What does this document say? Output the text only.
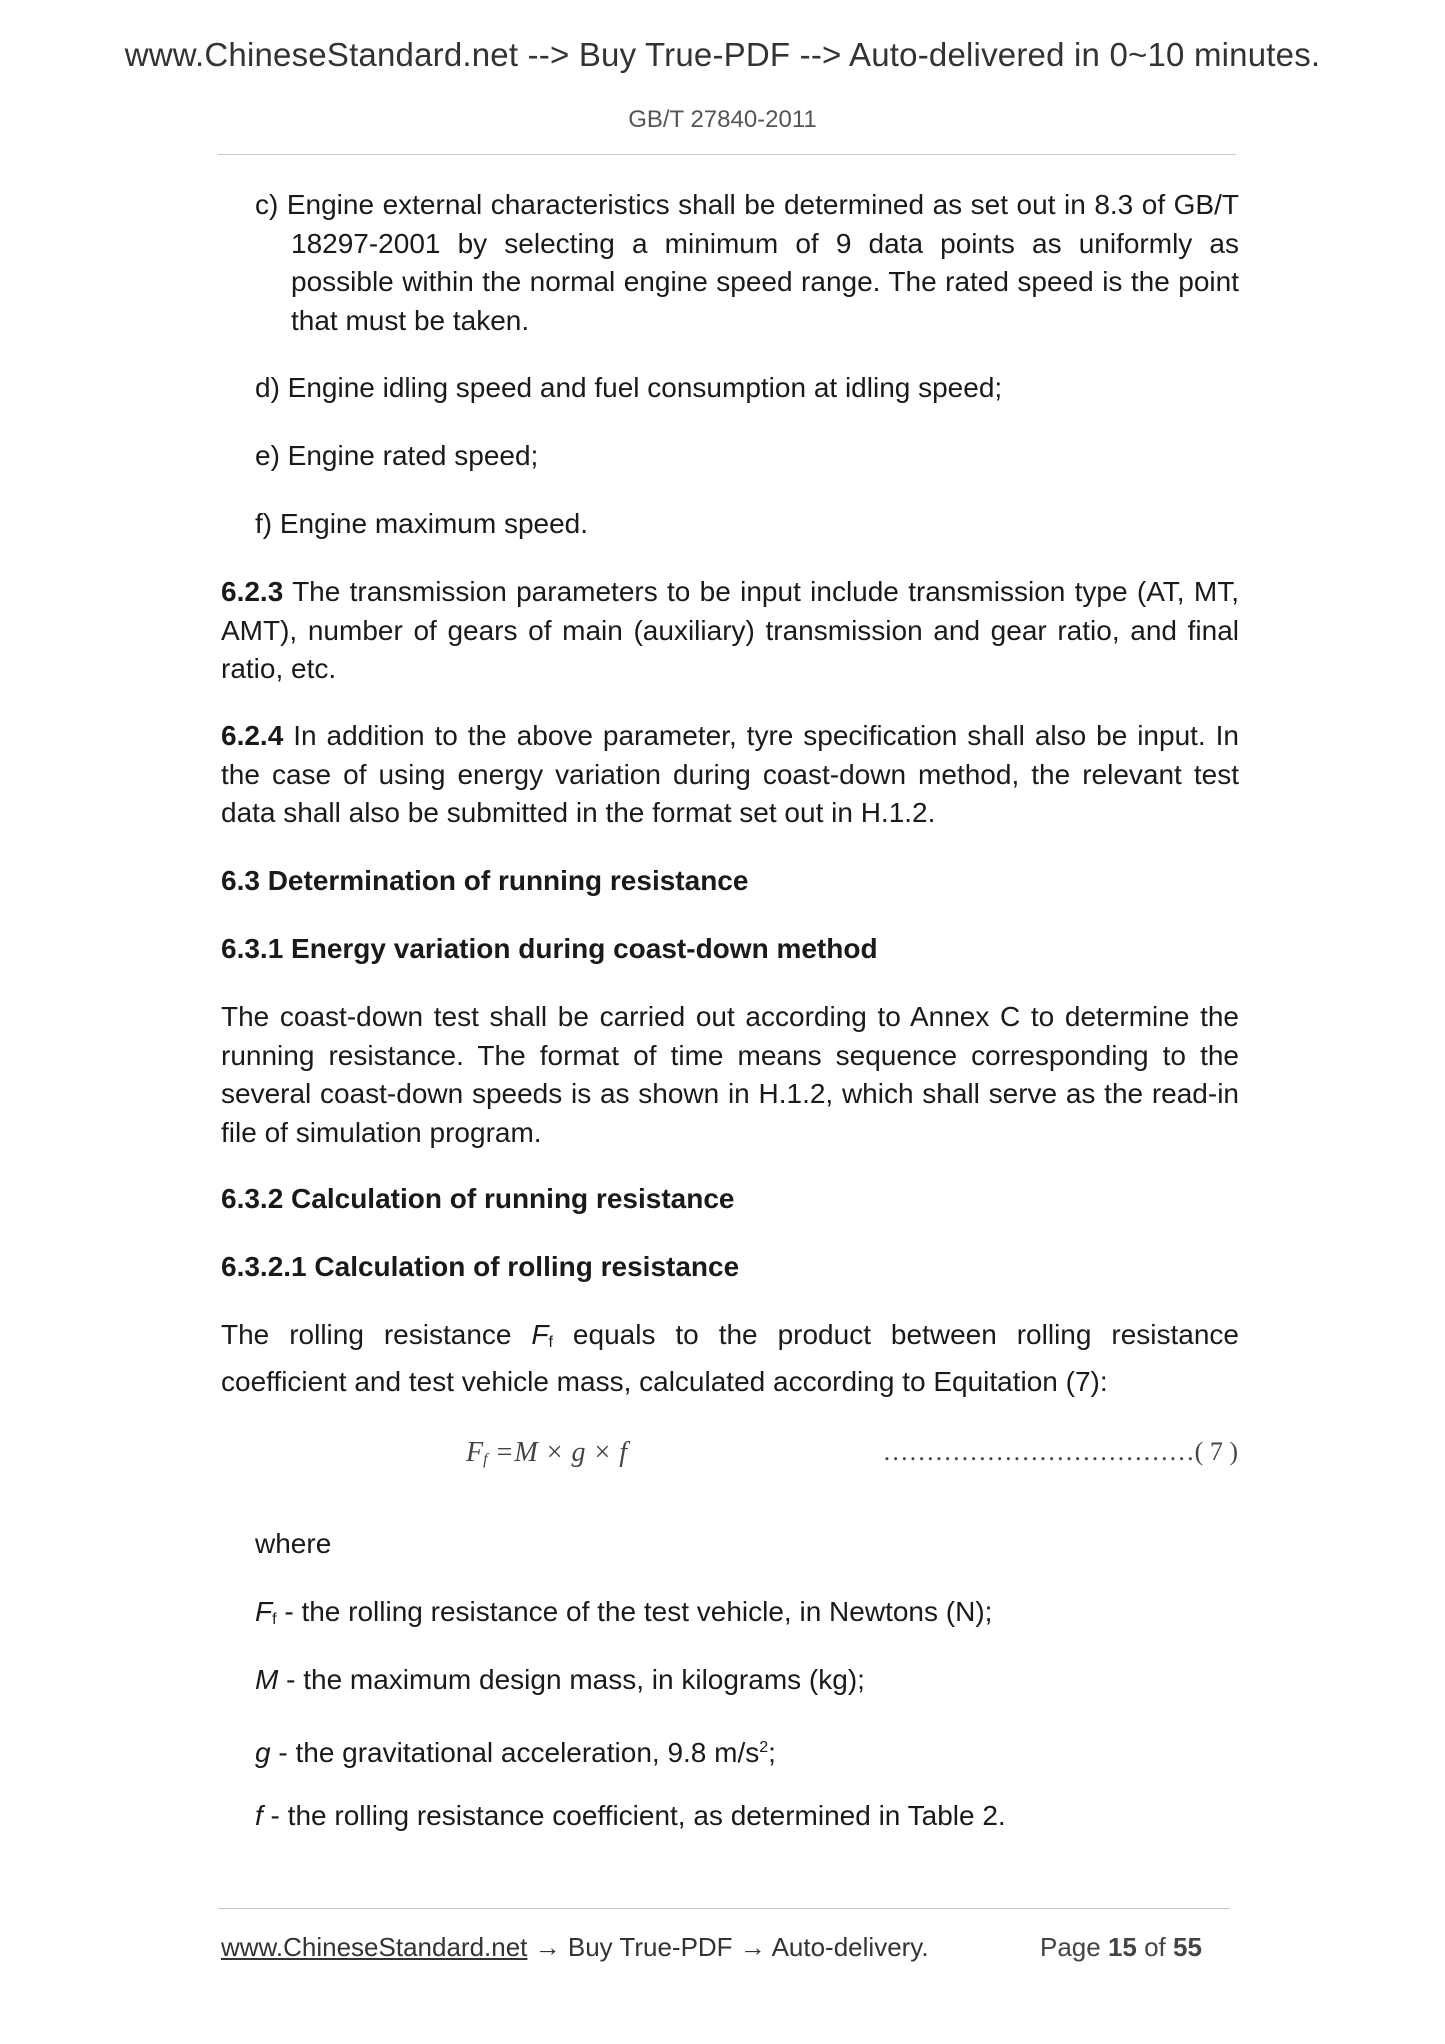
www.ChineseStandard.net --> Buy True-PDF --> Auto-delivered in 0~10 minutes.
GB/T 27840-2011
c) Engine external characteristics shall be determined as set out in 8.3 of GB/T 18297-2001 by selecting a minimum of 9 data points as uniformly as possible within the normal engine speed range. The rated speed is the point that must be taken.
d) Engine idling speed and fuel consumption at idling speed;
e) Engine rated speed;
f) Engine maximum speed.
6.2.3 The transmission parameters to be input include transmission type (AT, MT, AMT), number of gears of main (auxiliary) transmission and gear ratio, and final ratio, etc.
6.2.4 In addition to the above parameter, tyre specification shall also be input. In the case of using energy variation during coast-down method, the relevant test data shall also be submitted in the format set out in H.1.2.
6.3 Determination of running resistance
6.3.1 Energy variation during coast-down method
The coast-down test shall be carried out according to Annex C to determine the running resistance. The format of time means sequence corresponding to the several coast-down speeds is as shown in H.1.2, which shall serve as the read-in file of simulation program.
6.3.2 Calculation of running resistance
6.3.2.1 Calculation of rolling resistance
The rolling resistance $F_f$ equals to the product between rolling resistance coefficient and test vehicle mass, calculated according to Equitation (7):
$F_f =M \times g \times f$	………………………………( 7 )
where
$F_f$ - the rolling resistance of the test vehicle, in Newtons (N);
M - the maximum design mass, in kilograms (kg);
g - the gravitational acceleration, 9.8 $m/s^2$;
f - the rolling resistance coefficient, as determined in Table 2.
www.ChineseStandard.net → Buy True-PDF → Auto-delivery.	Page 15 of 55
